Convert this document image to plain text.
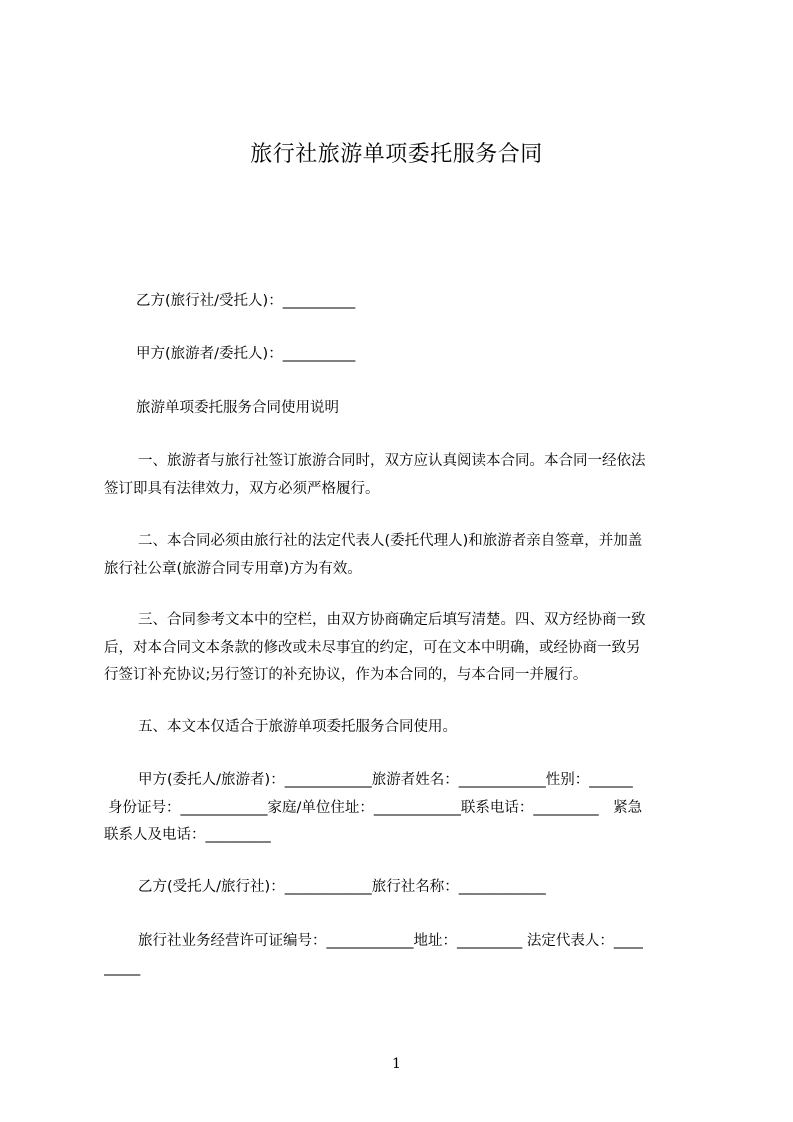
旅行社旅游单项委托服务合同
乙方(旅行社/受托人)：__________
甲方(旅游者/委托人)：__________
旅游单项委托服务合同使用说明
一、旅游者与旅行社签订旅游合同时，双方应认真阅读本合同。本合同一经依法
签订即具有法律效力，双方必须严格履行。
二、本合同必须由旅行社的法定代表人(委托代理人)和旅游者亲自签章，并加盖
旅行社公章(旅游合同专用章)方为有效。
三、合同参考文本中的空栏，由双方协商确定后填写清楚。四、双方经协商一致
后，对本合同文本条款的修改或未尽事宜的约定，可在文本中明确，或经协商一致另
行签订补充协议;另行签订的补充协议，作为本合同的，与本合同一并履行。
五、本文本仅适合于旅游单项委托服务合同使用。
甲方(委托人/旅游者)：____________旅游者姓名：____________性别：______
身份证号：____________家庭/单位住址：____________联系电话：_________　紧急
联系人及电话：_________
乙方(受托人/旅行社)：____________旅行社名称：____________
旅行社业务经营许可证编号：____________地址：_________ 法定代表人：____
_____
1
